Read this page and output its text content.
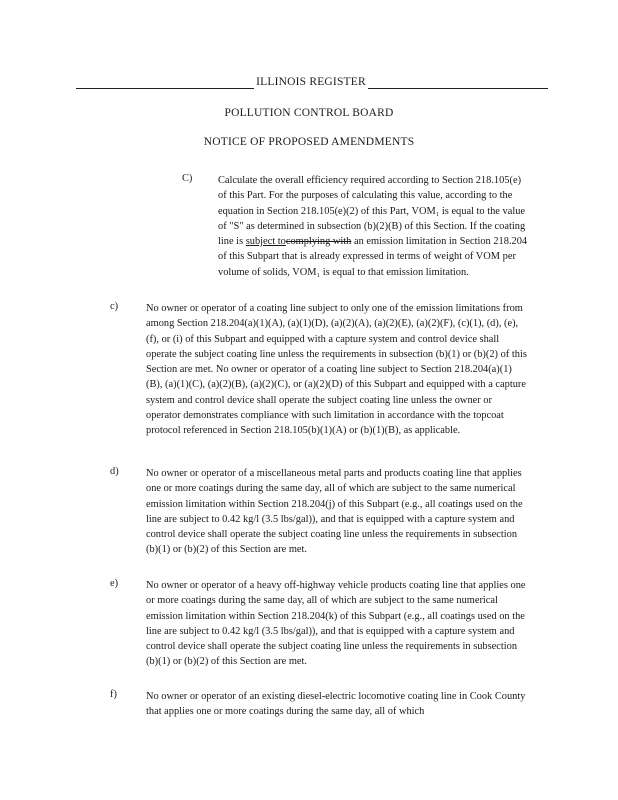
ILLINOIS REGISTER
POLLUTION CONTROL BOARD
NOTICE OF PROPOSED AMENDMENTS
C) Calculate the overall efficiency required according to Section 218.105(e) of this Part. For the purposes of calculating this value, according to the equation in Section 218.105(e)(2) of this Part, VOM₁ is equal to the value of "S" as determined in subsection (b)(2)(B) of this Section. If the coating line is subject tocomplying with an emission limitation in Section 218.204 of this Subpart that is already expressed in terms of weight of VOM per volume of solids, VOM₁ is equal to that emission limitation.

c)	No owner or operator of a coating line subject to only one of the emission limitations from among Section 218.204(a)(1)(A), (a)(1)(D), (a)(2)(A), (a)(2)(E), (a)(2)(F), (c)(1), (d), (e), (f), or (i) of this Subpart and equipped with a capture system and control device shall operate the subject coating line unless the requirements in subsection (b)(1) or (b)(2) of this Section are met. No owner or operator of a coating line subject to Section 218.204(a)(1)(B), (a)(1)(C), (a)(2)(B), (a)(2)(C), or (a)(2)(D) of this Subpart and equipped with a capture system and control device shall operate the subject coating line unless the owner or operator demonstrates compliance with such limitation in accordance with the topcoat protocol referenced in Section 218.105(b)(1)(A) or (b)(1)(B), as applicable.

d)	No owner or operator of a miscellaneous metal parts and products coating line that applies one or more coatings during the same day, all of which are subject to the same numerical emission limitation within Section 218.204(j) of this Subpart (e.g., all coatings used on the line are subject to 0.42 kg/l (3.5 lbs/gal)), and that is equipped with a capture system and control device shall operate the subject coating line unless the requirements in subsection (b)(1) or (b)(2) of this Section are met.

e)	No owner or operator of a heavy off-highway vehicle products coating line that applies one or more coatings during the same day, all of which are subject to the same numerical emission limitation within Section 218.204(k) of this Subpart (e.g., all coatings used on the line are subject to 0.42 kg/l (3.5 lbs/gal)), and that is equipped with a capture system and control device shall operate the subject coating line unless the requirements in subsection (b)(1) or (b)(2) of this Section are met.

f)	No owner or operator of an existing diesel-electric locomotive coating line in Cook County that applies one or more coatings during the same day, all of which
